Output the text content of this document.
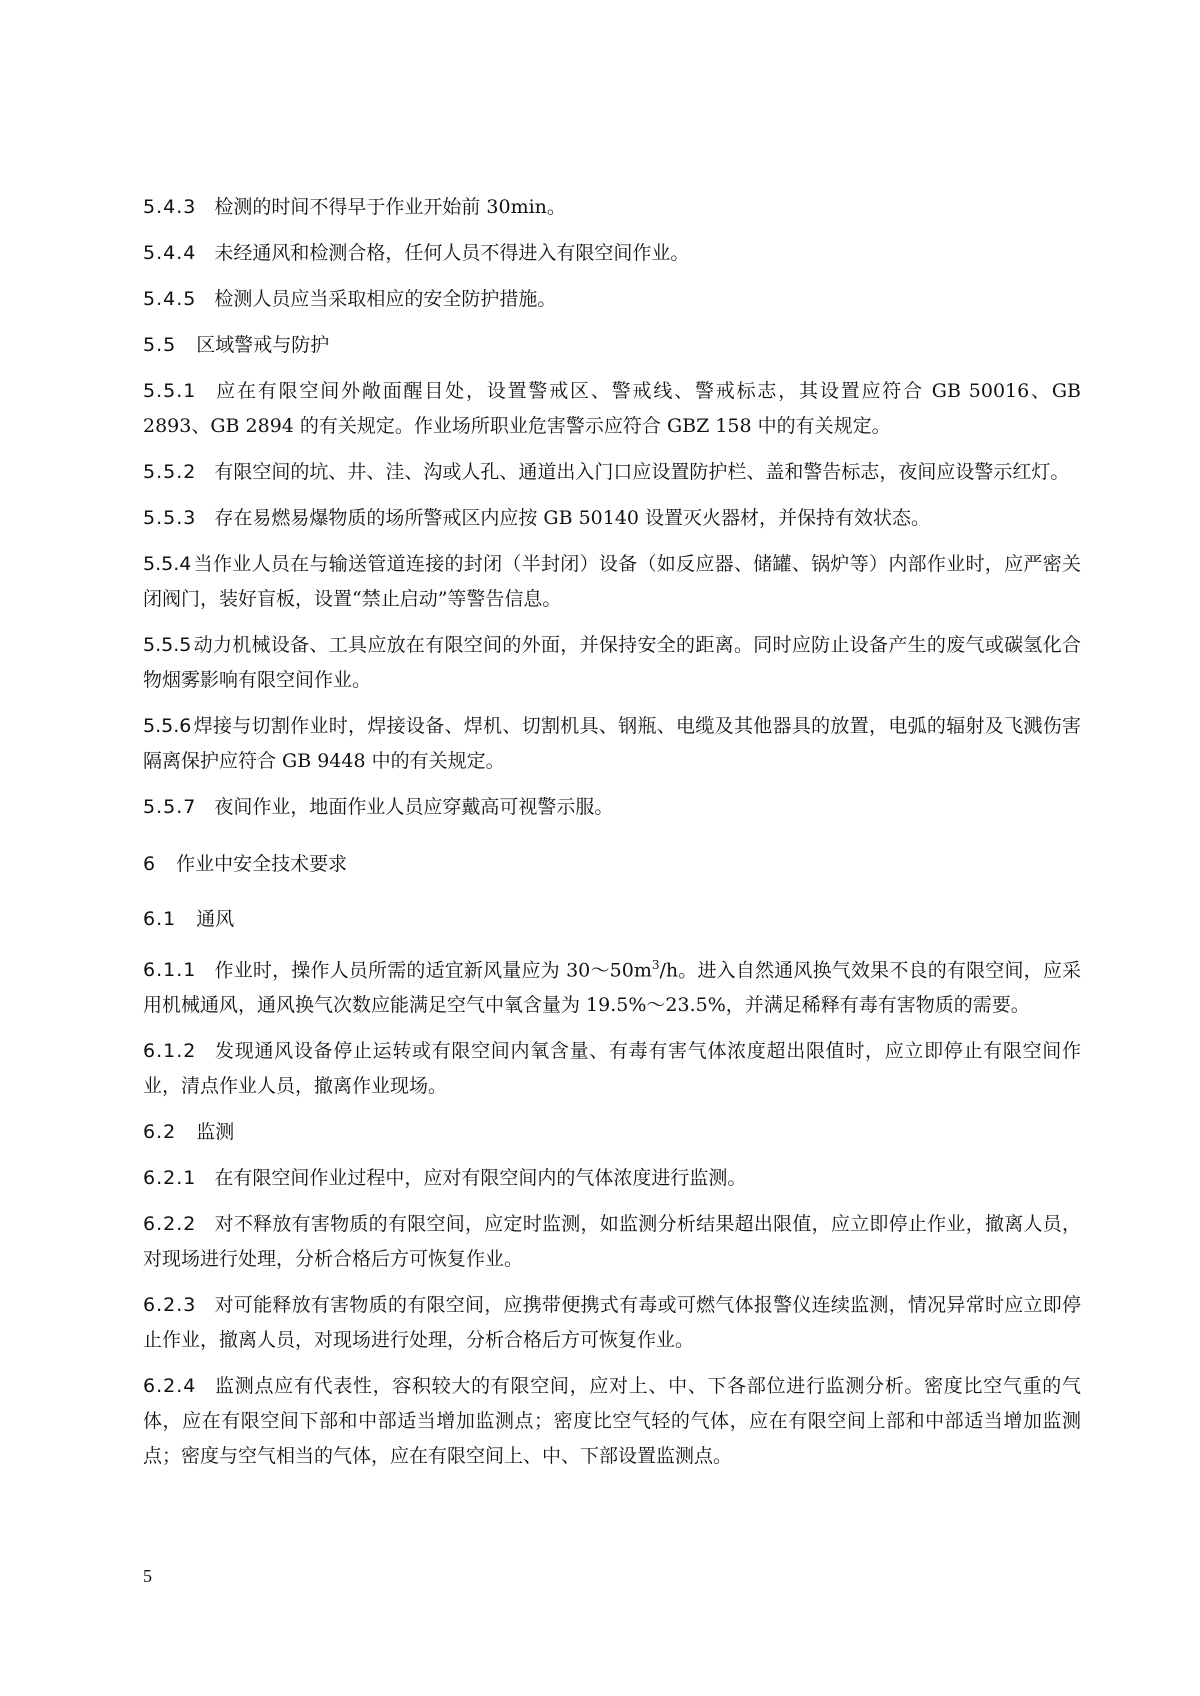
5.4.3 检测的时间不得早于作业开始前 30min。

5.4.4 未经通风和检测合格，任何人员不得进入有限空间作业。

5.4.5 检测人员应当采取相应的安全防护措施。

5.5 区域警戒与防护

5.5.1 应在有限空间外敞面醒目处，设置警戒区、警戒线、警戒标志，其设置应符合 GB 50016、GB 2893、GB 2894 的有关规定。作业场所职业危害警示应符合 GBZ 158 中的有关规定。

5.5.2 有限空间的坑、井、洼、沟或人孔、通道出入门口应设置防护栏、盖和警告标志，夜间应设警示红灯。

5.5.3 存在易燃易爆物质的场所警戒区内应按 GB 50140 设置灭火器材，并保持有效状态。

5.5.4 当作业人员在与输送管道连接的封闭（半封闭）设备（如反应器、储罐、锅炉等）内部作业时，应严密关闭阀门，装好盲板，设置“禁止启动”等警告信息。

5.5.5 动力机械设备、工具应放在有限空间的外面，并保持安全的距离。同时应防止设备产生的废气或碳氢化合物烟雾影响有限空间作业。

5.5.6 焊接与切割作业时，焊接设备、焊机、切割机具、钢瓶、电缆及其他器具的放置，电弧的辐射及飞溅伤害隔离保护应符合 GB 9448 中的有关规定。

5.5.7 夜间作业，地面作业人员应穿戴高可视警示服。

6 作业中安全技术要求

6.1 通风

6.1.1 作业时，操作人员所需的适宜新风量应为 $30\sim 50m^3/h$。进入自然通风换气效果不良的有限空间，应采用机械通风，通风换气次数应能满足空气中氧含量为 19.5%～23.5%，并满足稀释有毒有害物质的需要。

6.1.2 发现通风设备停止运转或有限空间内氧含量、有毒有害气体浓度超出限值时，应立即停止有限空间作业，清点作业人员，撤离作业现场。

6.2 监测

6.2.1 在有限空间作业过程中，应对有限空间内的气体浓度进行监测。

6.2.2 对不释放有害物质的有限空间，应定时监测，如监测分析结果超出限值，应立即停止作业，撤离人员，对现场进行处理，分析合格后方可恢复作业。

6.2.3 对可能释放有害物质的有限空间，应携带便携式有毒或可燃气体报警仪连续监测，情况异常时应立即停止作业，撤离人员，对现场进行处理，分析合格后方可恢复作业。

6.2.4 监测点应有代表性，容积较大的有限空间，应对上、中、下各部位进行监测分析。密度比空气重的气体，应在有限空间下部和中部适当增加监测点；密度比空气轻的气体，应在有限空间上部和中部适当增加监测点；密度与空气相当的气体，应在有限空间上、中、下部设置监测点。

5
